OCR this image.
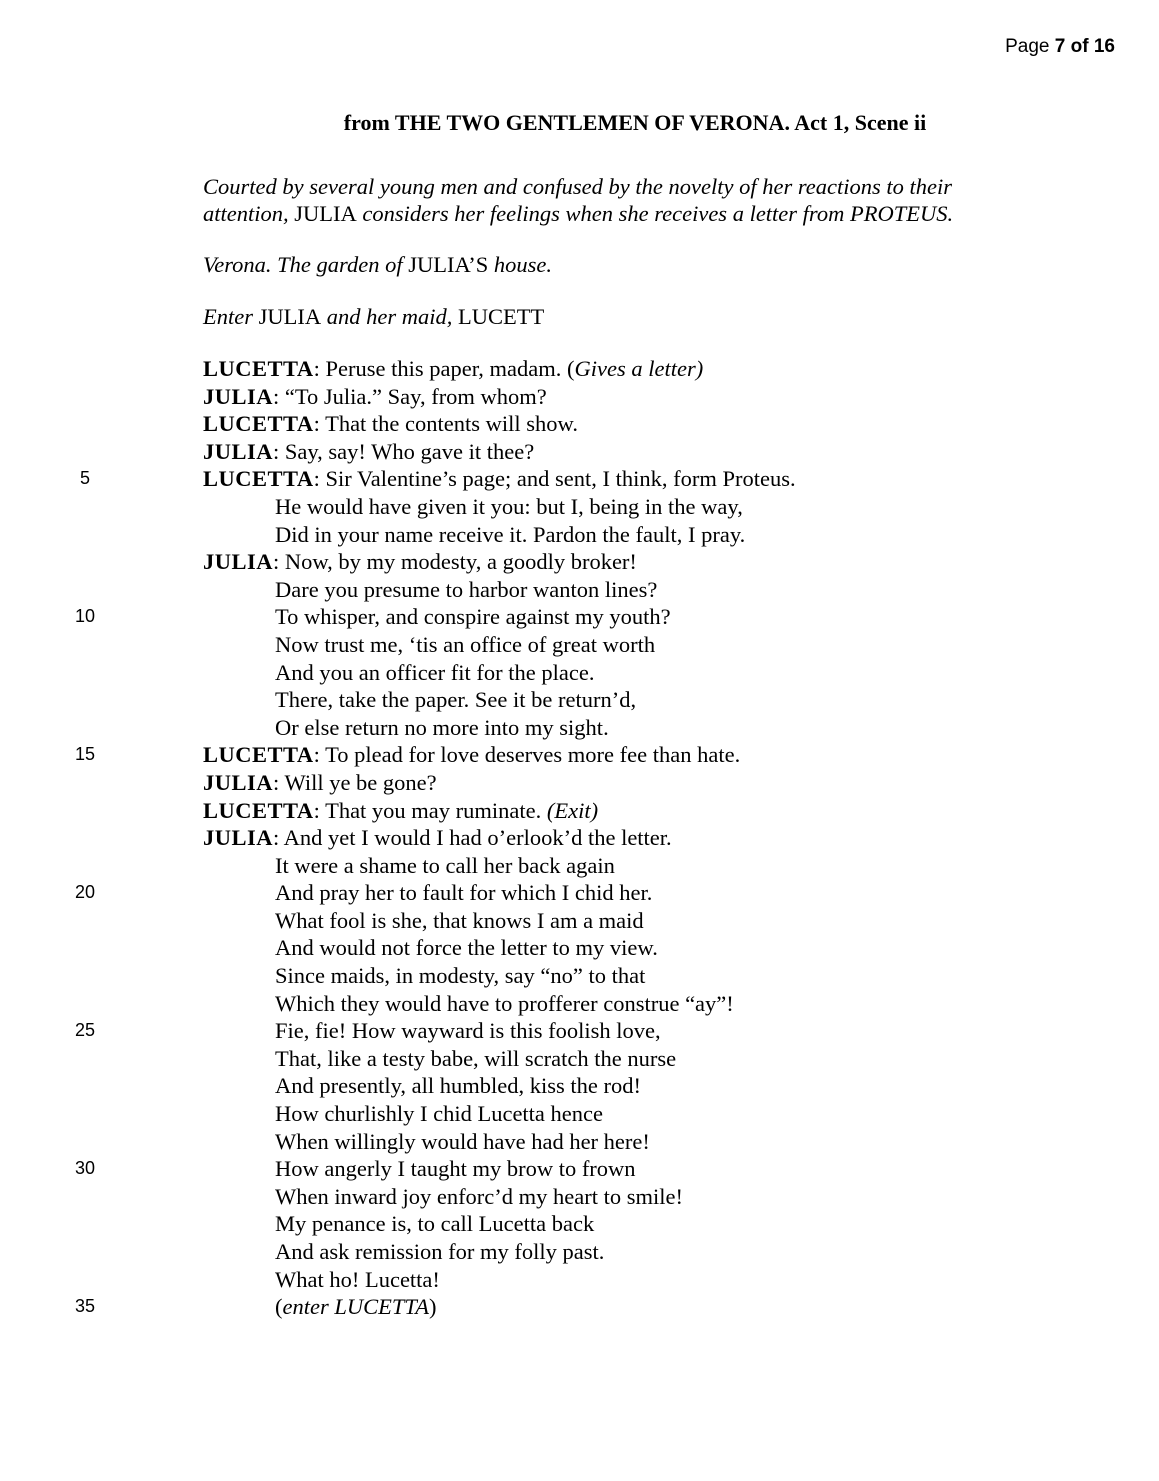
Page 7 of 16
from THE TWO GENTLEMEN OF VERONA. Act 1, Scene ii
Courted by several young men and confused by the novelty of her reactions to their
attention, JULIA considers her feelings when she receives a letter from PROTEUS.
Verona. The garden of JULIA’S house.
Enter JULIA and her maid, LUCETT
LUCETTA: Peruse this paper, madam. (Gives a letter)
JULIA: “To Julia.” Say, from whom?
LUCETTA: That the contents will show.
JULIA: Say, say! Who gave it thee?
5	LUCETTA: Sir Valentine’s page; and sent, I think, form Proteus.
He would have given it you: but I, being in the way,
Did in your name receive it. Pardon the fault, I pray.
JULIA: Now, by my modesty, a goodly broker!
Dare you presume to harbor wanton lines?
10	To whisper, and conspire against my youth?
Now trust me, ‘tis an office of great worth
And you an officer fit for the place.
There, take the paper. See it be return’d,
Or else return no more into my sight.
15	LUCETTA: To plead for love deserves more fee than hate.
JULIA: Will ye be gone?
LUCETTA: That you may ruminate. (Exit)
JULIA: And yet I would I had o’erlook’d the letter.
It were a shame to call her back again
20	And pray her to fault for which I chid her.
What fool is she, that knows I am a maid
And would not force the letter to my view.
Since maids, in modesty, say “no” to that
Which they would have to profferer construe “ay”!
25	Fie, fie! How wayward is this foolish love,
That, like a testy babe, will scratch the nurse
And presently, all humbled, kiss the rod!
How churlishly I chid Lucetta hence
When willingly would have had her here!
30	How angerly I taught my brow to frown
When inward joy enforc’d my heart to smile!
My penance is, to call Lucetta back
And ask remission for my folly past.
What ho! Lucetta!
35	(enter LUCETTA)
